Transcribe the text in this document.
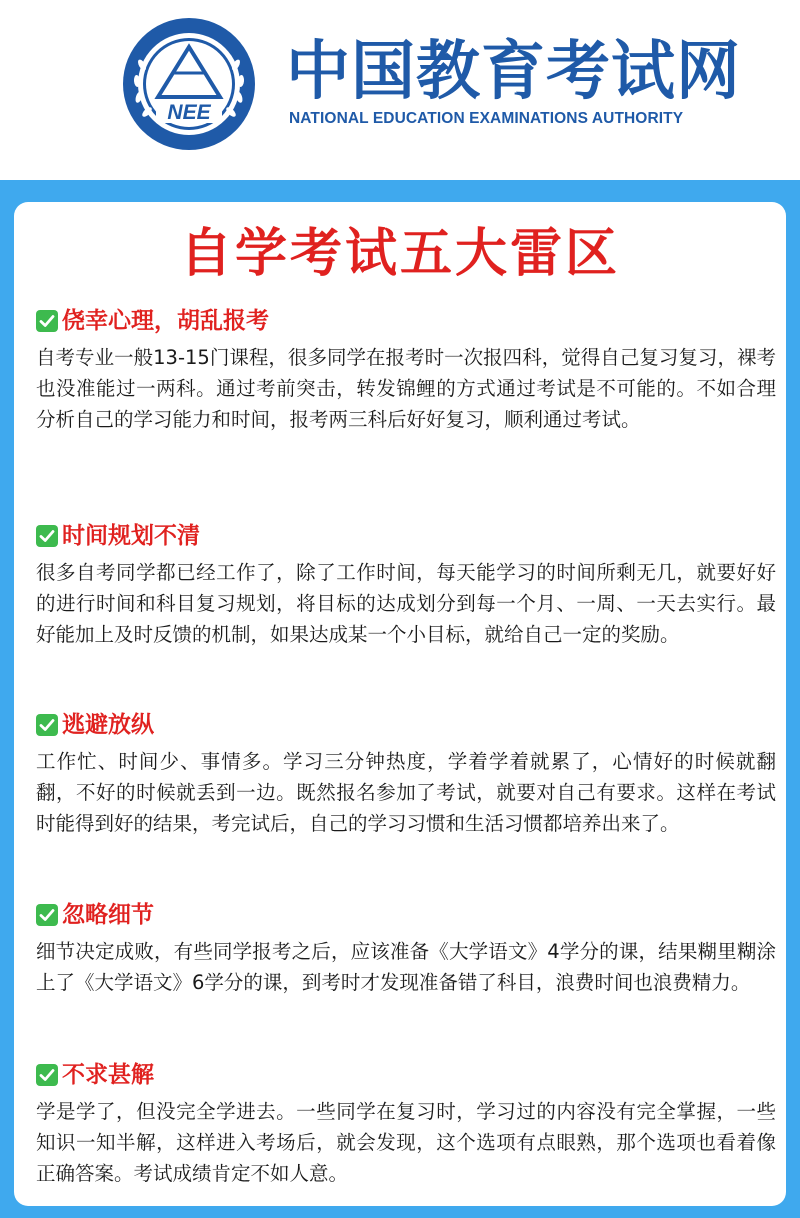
NEE
中国教育考试网
NATIONAL EDUCATION EXAMINATIONS AUTHORITY
自学考试五大雷区
侥幸心理，胡乱报考
自考专业一般13-15门课程，很多同学在报考时一次报四科，觉得自己复习复习，裸考也没准能过一两科。通过考前突击，转发锦鲤的方式通过考试是不可能的。不如合理分析自己的学习能力和时间，报考两三科后好好复习，顺利通过考试。
时间规划不清
很多自考同学都已经工作了，除了工作时间，每天能学习的时间所剩无几，就要好好的进行时间和科目复习规划，将目标的达成划分到每一个月、一周、一天去实行。最好能加上及时反馈的机制，如果达成某一个小目标，就给自己一定的奖励。
逃避放纵
工作忙、时间少、事情多。学习三分钟热度，学着学着就累了，心情好的时候就翻翻，不好的时候就丢到一边。既然报名参加了考试，就要对自己有要求。这样在考试时能得到好的结果，考完试后，自己的学习习惯和生活习惯都培养出来了。
忽略细节
细节决定成败，有些同学报考之后，应该准备《大学语文》4学分的课，结果糊里糊涂上了《大学语文》6学分的课，到考时才发现准备错了科目，浪费时间也浪费精力。
不求甚解
学是学了，但没完全学进去。一些同学在复习时，学习过的内容没有完全掌握，一些知识一知半解，这样进入考场后，就会发现，这个选项有点眼熟，那个选项也看着像正确答案。考试成绩肯定不如人意。
